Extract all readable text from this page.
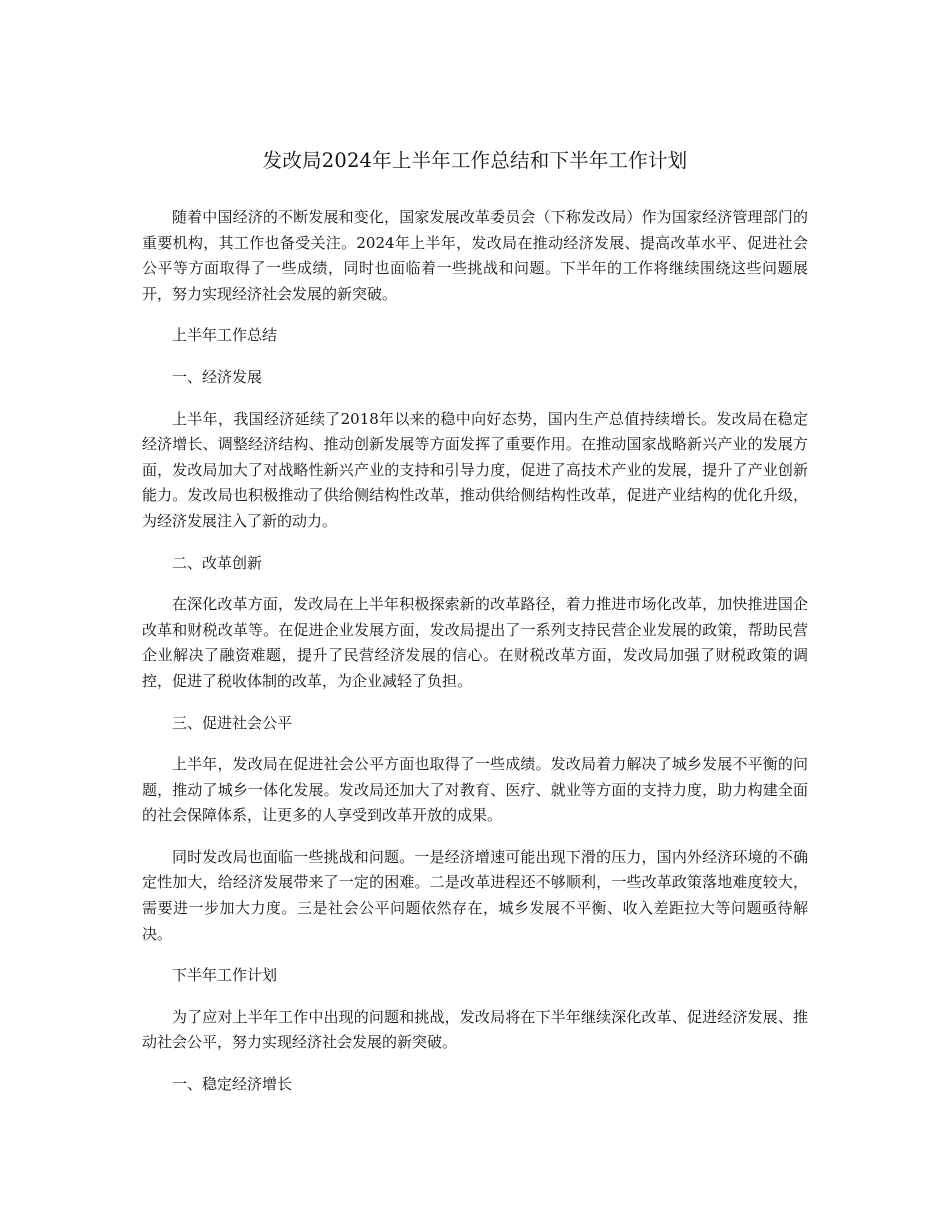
发改局2024年上半年工作总结和下半年工作计划

随着中国经济的不断发展和变化，国家发展改革委员会（下称发改局）作为国家经济管理部门的重要机构，其工作也备受关注。2024年上半年，发改局在推动经济发展、提高改革水平、促进社会公平等方面取得了一些成绩，同时也面临着一些挑战和问题。下半年的工作将继续围绕这些问题展开，努力实现经济社会发展的新突破。

上半年工作总结

一、经济发展

上半年，我国经济延续了2018年以来的稳中向好态势，国内生产总值持续增长。发改局在稳定经济增长、调整经济结构、推动创新发展等方面发挥了重要作用。在推动国家战略新兴产业的发展方面，发改局加大了对战略性新兴产业的支持和引导力度，促进了高技术产业的发展，提升了产业创新能力。发改局也积极推动了供给侧结构性改革，推动供给侧结构性改革，促进产业结构的优化升级，为经济发展注入了新的动力。

二、改革创新

在深化改革方面，发改局在上半年积极探索新的改革路径，着力推进市场化改革，加快推进国企改革和财税改革等。在促进企业发展方面，发改局提出了一系列支持民营企业发展的政策，帮助民营企业解决了融资难题，提升了民营经济发展的信心。在财税改革方面，发改局加强了财税政策的调控，促进了税收体制的改革，为企业减轻了负担。

三、促进社会公平

上半年，发改局在促进社会公平方面也取得了一些成绩。发改局着力解决了城乡发展不平衡的问题，推动了城乡一体化发展。发改局还加大了对教育、医疗、就业等方面的支持力度，助力构建全面的社会保障体系，让更多的人享受到改革开放的成果。

同时发改局也面临一些挑战和问题。一是经济增速可能出现下滑的压力，国内外经济环境的不确定性加大，给经济发展带来了一定的困难。二是改革进程还不够顺利，一些改革政策落地难度较大，需要进一步加大力度。三是社会公平问题依然存在，城乡发展不平衡、收入差距拉大等问题亟待解决。

下半年工作计划

为了应对上半年工作中出现的问题和挑战，发改局将在下半年继续深化改革、促进经济发展、推动社会公平，努力实现经济社会发展的新突破。

一、稳定经济增长
